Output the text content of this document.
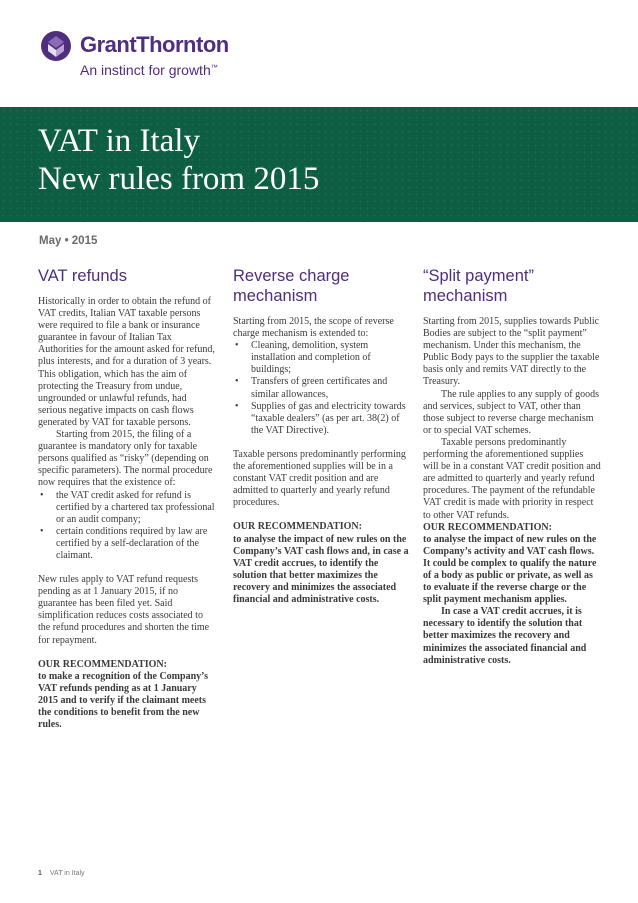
GrantThornton
An instinct for growth™
VAT in Italy
New rules from 2015
May • 2015
VAT refunds

Historically in order to obtain the refund of VAT credits, Italian VAT taxable persons were required to file a bank or insurance guarantee in favour of Italian Tax Authorities for the amount asked for refund, plus interests, and for a duration of 3 years. This obligation, which has the aim of protecting the Treasury from undue, ungrounded or unlawful refunds, had serious negative impacts on cash flows generated by VAT for taxable persons.

Starting from 2015, the filing of a guarantee is mandatory only for taxable persons qualified as “risky” (depending on specific parameters). The normal procedure now requires that the existence of:

• the VAT credit asked for refund is certified by a chartered tax professional or an audit company;
• certain conditions required by law are certified by a self-declaration of the claimant.

New rules apply to VAT refund requests pending as at 1 January 2015, if no guarantee has been filed yet. Said simplification reduces costs associated to the refund procedures and shorten the time for repayment.

OUR RECOMMENDATION:

to make a recognition of the Company’s VAT refunds pending as at 1 January 2015 and to verify if the claimant meets the conditions to benefit from the new rules.

Reverse charge mechanism

Starting from 2015, the scope of reverse charge mechanism is extended to:

• Cleaning, demolition, system installation and completion of buildings;
• Transfers of green certificates and similar allowances,
• Supplies of gas and electricity towards “taxable dealers” (as per art. 38(2) of the VAT Directive).

Taxable persons predominantly performing the aforementioned supplies will be in a constant VAT credit position and are admitted to quarterly and yearly refund procedures.

OUR RECOMMENDATION:

to analyse the impact of new rules on the Company’s VAT cash flows and, in case a VAT credit accrues, to identify the solution that better maximizes the recovery and minimizes the associated financial and administrative costs.

“Split payment” mechanism

Starting from 2015, supplies towards Public Bodies are subject to the “split payment” mechanism. Under this mechanism, the Public Body pays to the supplier the taxable basis only and remits VAT directly to the Treasury.

The rule applies to any supply of goods and services, subject to VAT, other than those subject to reverse charge mechanism or to special VAT schemes.

Taxable persons predominantly performing the aforementioned supplies will be in a constant VAT credit position and are admitted to quarterly and yearly refund procedures. The payment of the refundable VAT credit is made with priority in respect to other VAT refunds.

OUR RECOMMENDATION:

to analyse the impact of new rules on the Company’s activity and VAT cash flows. It could be complex to qualify the nature of a body as public or private, as well as to evaluate if the reverse charge or the split payment mechanism applies.

In case a VAT credit accrues, it is necessary to identify the solution that better maximizes the recovery and minimizes the associated financial and administrative costs.

1 VAT in Italy
